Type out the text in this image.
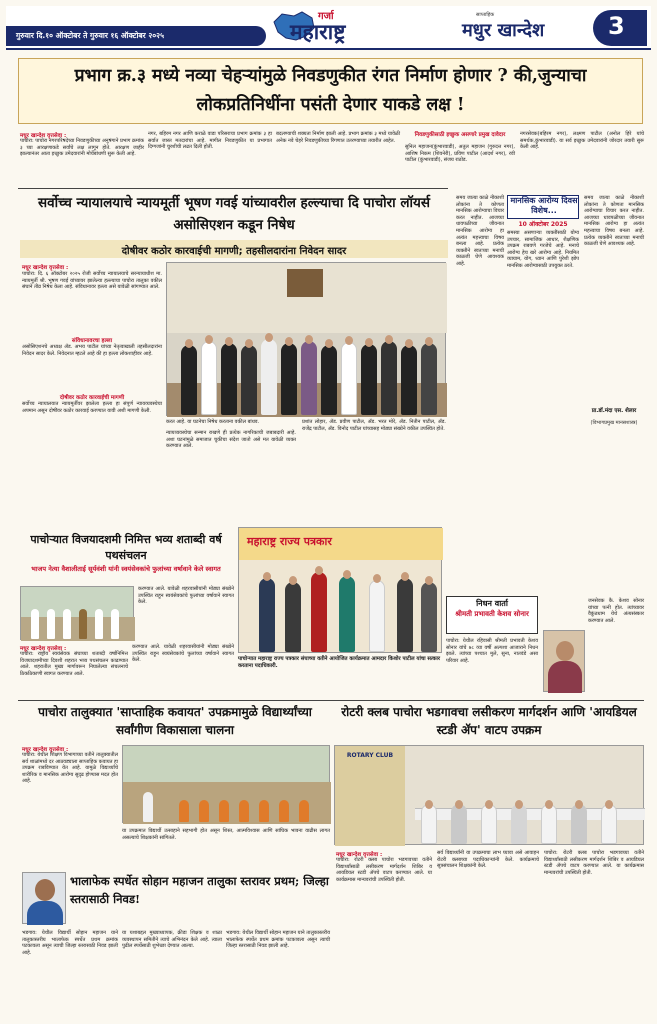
गुरुवार दि.१० ऑक्टोबर ते गुरुवार १६ ऑक्टोबर २०२५
गर्जा
महाराष्ट्र
साप्ताहिक
मधुर खान्देश	3
प्रभाग क्र.३ मध्ये नव्या चेहऱ्यांमुळे निवडणुकीत रंगत निर्माण होणार ? की,जुन्याचा लोकप्रतिनिधींना पसंती देणार याकडे लक्ष !
मधुर खान्देश वृत्तसेवा :
पाचोरा: पाचोरा नगरपरिषदेच्या निवडणुकीच्या अनुषंगाने प्रभाग क्रमांक ३ च्या आरक्षणाकडे सर्वांचे लक्ष लागून होते. आरक्षण जाहीर झाल्यानंतर आता इच्छुक उमेदवारांनी मोर्चेबांधणी सुरू केली आहे.
नगर, बहिरम नगर आणि कराळे वाडा परिसराचा प्रभाग क्रमांक ३ हा सर्वात जास्त मतदारांचा आहे. मागील निवडणुकीत या प्रभागात दिग्गजांनी चुरशीची लढत दिली होती.
बदलण्याची शक्यता निर्माण झाली आहे. प्रभाग क्रमांक ३ मध्ये यावेळी अनेक नवे चेहरे निवडणुकीच्या रिंगणात उतरण्याच्या तयारीत आहेत.
निवडणुकीसाठी इच्छुक असणारे प्रमुख दावेदार
सुनिल महाजन(कुंभारवाडी), अतुल महाजन (गुरुदत्त नगर), आशिष निकम (शिवनेरी), प्रविण पाटील (आदर्श नगर), रवी पाटील (कुंभारवाडी), संजय राठोड.
नगरसेवक(बहिरम नगर), लक्ष्मण पाटील (अनोल हिरे यांचे समर्थक,कुंभारवाडी). या सर्व इच्छुक उमेदवारांनी जोरदार तयारी सुरू केली आहे.
सर्वोच्च न्यायालयाचे न्यायमूर्ती भूषण गवई यांच्यावरील हल्ल्याचा दि पाचोरा लॉयर्स असोसिएशन कडून निषेध
दोषीवर कठोर कारवाईची मागणी; तहसीलदारांना निवेदन सादर
मधुर खान्देश वृत्तसेवा :
पाचोरा: दि. ६ ऑक्टोबर २०२५ रोजी सर्वोच्च न्यायालयाचे सरन्यायाधीश मा. न्यायमूर्ती श्री. भूषण गवई यांच्यावर झालेल्या हल्ल्याचा पाचोरा तालुका वकील संघाने तीव्र निषेध केला आहे. संविधानावर हल्ला असे यावेळी सांगण्यात आले.
संविधानावरचा हल्ला
असोसिएशनचे अध्यक्ष ॲड. अभय पाटील यांच्या नेतृत्वाखाली तहसीलदारांना निवेदन सादर केले. निवेदनात म्हटले आहे की हा हल्ला लोकशाहीवर आहे.
दोषीवर कठोर कारवाईची मागणी
सर्वोच्च न्यायालयात न्यायमूर्तींवर झालेला हल्ला हा संपूर्ण न्यायव्यवस्थेचा अपमान असून दोषींवर कठोर कारवाई करण्यात यावी अशी मागणी केली.
करत आहे. या घटनेचा निषेध करताना वकील बांधव.
न्यायव्यवस्थेचा सन्मान राखणे ही प्रत्येक नागरिकाची जबाबदारी आहे. अशा घटनांमुळे समाजात चुकीचा संदेश जातो असे मत यावेळी व्यक्त करण्यात आले.
प्रशांत लोहार, ॲड. प्रवीण पाटील, ॲड. भरत मोरे, ॲड. नितीन पाटील, ॲड. राजेंद्र पाटील, ॲड. विनोद पाटील यांच्यासह मोठ्या संख्येने वकील उपस्थित होते.
मानसिक आरोग्य दिवस विशेष...
10 ऑक्टोबर 2025
समय जात्या काळे नीकाशी लोकांना ते कोणता मानसिक आरोग्याचा विचार करत नाहीत. आजच्या धावपळीच्या जीवनात मानसिक आरोग्य हा अत्यंत महत्त्वाचा विषय बनला आहे. प्रत्येक व्यक्तीने स्वतःच्या मनाची काळजी घेणे आवश्यक आहे.
समस्या असणाऱ्या व्यक्तींसाठी योग्य उपचार, सामाजिक आधार, शैक्षणिक उपक्रम राबवणे गरजेचे आहे. मनाचे आरोग्य हेच खरे आरोग्य आहे. नियमित व्यायाम, योग, ध्यान आणि पुरेशी झोप मानसिक आरोग्यासाठी उपयुक्त ठरते.
समय जात्या काळे नीकाशी लोकांना ते कोणता मानसिक आरोग्याचा विचार करत नाहीत. आजच्या धावपळीच्या जीवनात मानसिक आरोग्य हा अत्यंत महत्त्वाचा विषय बनला आहे. प्रत्येक व्यक्तीने स्वतःच्या मनाची काळजी घेणे आवश्यक आहे.
प्रा.डॉ.मंदा एस. शेलार
(विभागप्रमुख मानसशास्त्र)
पाचोऱ्यात विजयादशमी निमित्त भव्य शताब्दी वर्ष पथसंचलन
भाजप नेत्या वैशालीताई सूर्यवंशी यांनी स्वयंसेवकांचे फुलांच्या वर्षावाने केले स्वागत
करण्यात आले. यावेळी शहरवासीयांनी मोठ्या संख्येने उपस्थित राहून स्वयंसेवकांचे फुलांच्या वर्षावाने स्वागत केले.
मधुर खान्देश वृत्तसेवा :
पाचोरा: राष्ट्रीय स्वयंसेवक संघाच्या शताब्दी वर्षानिमित्त विजयादशमीच्या दिवशी शहरात भव्य पथसंचलन काढण्यात आले. शहरातील मुख्य मार्गावरून निघालेल्या संचलनाचे ठिकठिकाणी स्वागत करण्यात आले.
करण्यात आले. यावेळी शहरवासीयांनी मोठ्या संख्येने उपस्थित राहून स्वयंसेवकांचे फुलांच्या वर्षावाने स्वागत केले.
महाराष्ट्र राज्य पत्रकार
पाचोऱ्यात महाराष्ट्र राज्य पत्रकार संघाच्या वतीने आयोजित कार्यक्रमात आमदार किशोर पाटील यांचा सत्कार करताना पदाधिकारी.
निधन वार्ता
श्रीमती प्रभावती केशव सोनार
पाचोरा: येथील रहिवासी श्रीमती प्रभावती केशव सोनार यांचे ७८ व्या वर्षी अल्पशा आजाराने निधन झाले. त्यांच्या पश्चात मुले, सुना, नातवंडे असा परिवार आहे.
जनसेवक कै. केशव सोनार यांच्या पत्नी होत. त्यांच्यावर वैकुंठधाम येथे अंत्यसंस्कार करण्यात आले.
पाचोरा तालुक्यात 'साप्ताहिक कवायत' उपक्रमामुळे विद्यार्थ्यांच्या सर्वांगीण विकासाला चालना
मधुर खान्देश वृत्तसेवा :
पाचोरा: येथील शिक्षण विभागाच्या वतीने तालुक्यातील सर्व शाळांमध्ये दर आठवड्याला साप्ताहिक कवायत हा उपक्रम राबविण्यात येत आहे. यामुळे विद्यार्थ्यांचे शारीरिक व मानसिक आरोग्य सुदृढ होण्यास मदत होत आहे.
या उपक्रमात विद्यार्थी उत्साहाने सहभागी होत असून शिस्त, आत्मविश्वास आणि सांघिक भावना वाढीस लागत असल्याचे शिक्षकांनी सांगितले.
रोटरी क्लब पाचोरा भडगावचा लसीकरण मार्गदर्शन आणि 'आयडियल स्टडी ॲप' वाटप उपक्रम
ROTARY CLUB
मधुर खान्देश वृत्तसेवा :
पाचोरा: रोटरी क्लब पाचोरा भडगावच्या वतीने विद्यार्थ्यांसाठी लसीकरण मार्गदर्शन शिबिर व आयडियल स्टडी ॲपचे वाटप करण्यात आले. या कार्यक्रमास मान्यवरांची उपस्थिती होती.
सर्व विद्यार्थ्यांनी या उपक्रमाचा लाभ घ्यावा असे आवाहन रोटरी क्लबच्या पदाधिकाऱ्यांनी केले. कार्यक्रमाचे सूत्रसंचालन शिक्षकांनी केले.
पाचोरा: रोटरी क्लब पाचोरा भडगावच्या वतीने विद्यार्थ्यांसाठी लसीकरण मार्गदर्शन शिबिर व आयडियल स्टडी ॲपचे वाटप करण्यात आले. या कार्यक्रमास मान्यवरांची उपस्थिती होती.
भालाफेक स्पर्धेत सोहान महाजन तालुका स्तरावर प्रथम; जिल्हा स्तरासाठी निवड!
भडगाव: येथील विद्यार्थी सोहान महाजन याने तालुकास्तरीय भालाफेक स्पर्धेत प्रथम क्रमांक पटकावला असून त्याची जिल्हा स्तरासाठी निवड झाली आहे.
या यशाबद्दल मुख्याध्यापक, क्रीडा शिक्षक व शाळा व्यवस्थापन समितीने त्याचे अभिनंदन केले आहे. त्याला पुढील स्पर्धेसाठी शुभेच्छा देण्यात आल्या.
भडगाव: येथील विद्यार्थी सोहान महाजन याने तालुकास्तरीय भालाफेक स्पर्धेत प्रथम क्रमांक पटकावला असून त्याची जिल्हा स्तरासाठी निवड झाली आहे.
